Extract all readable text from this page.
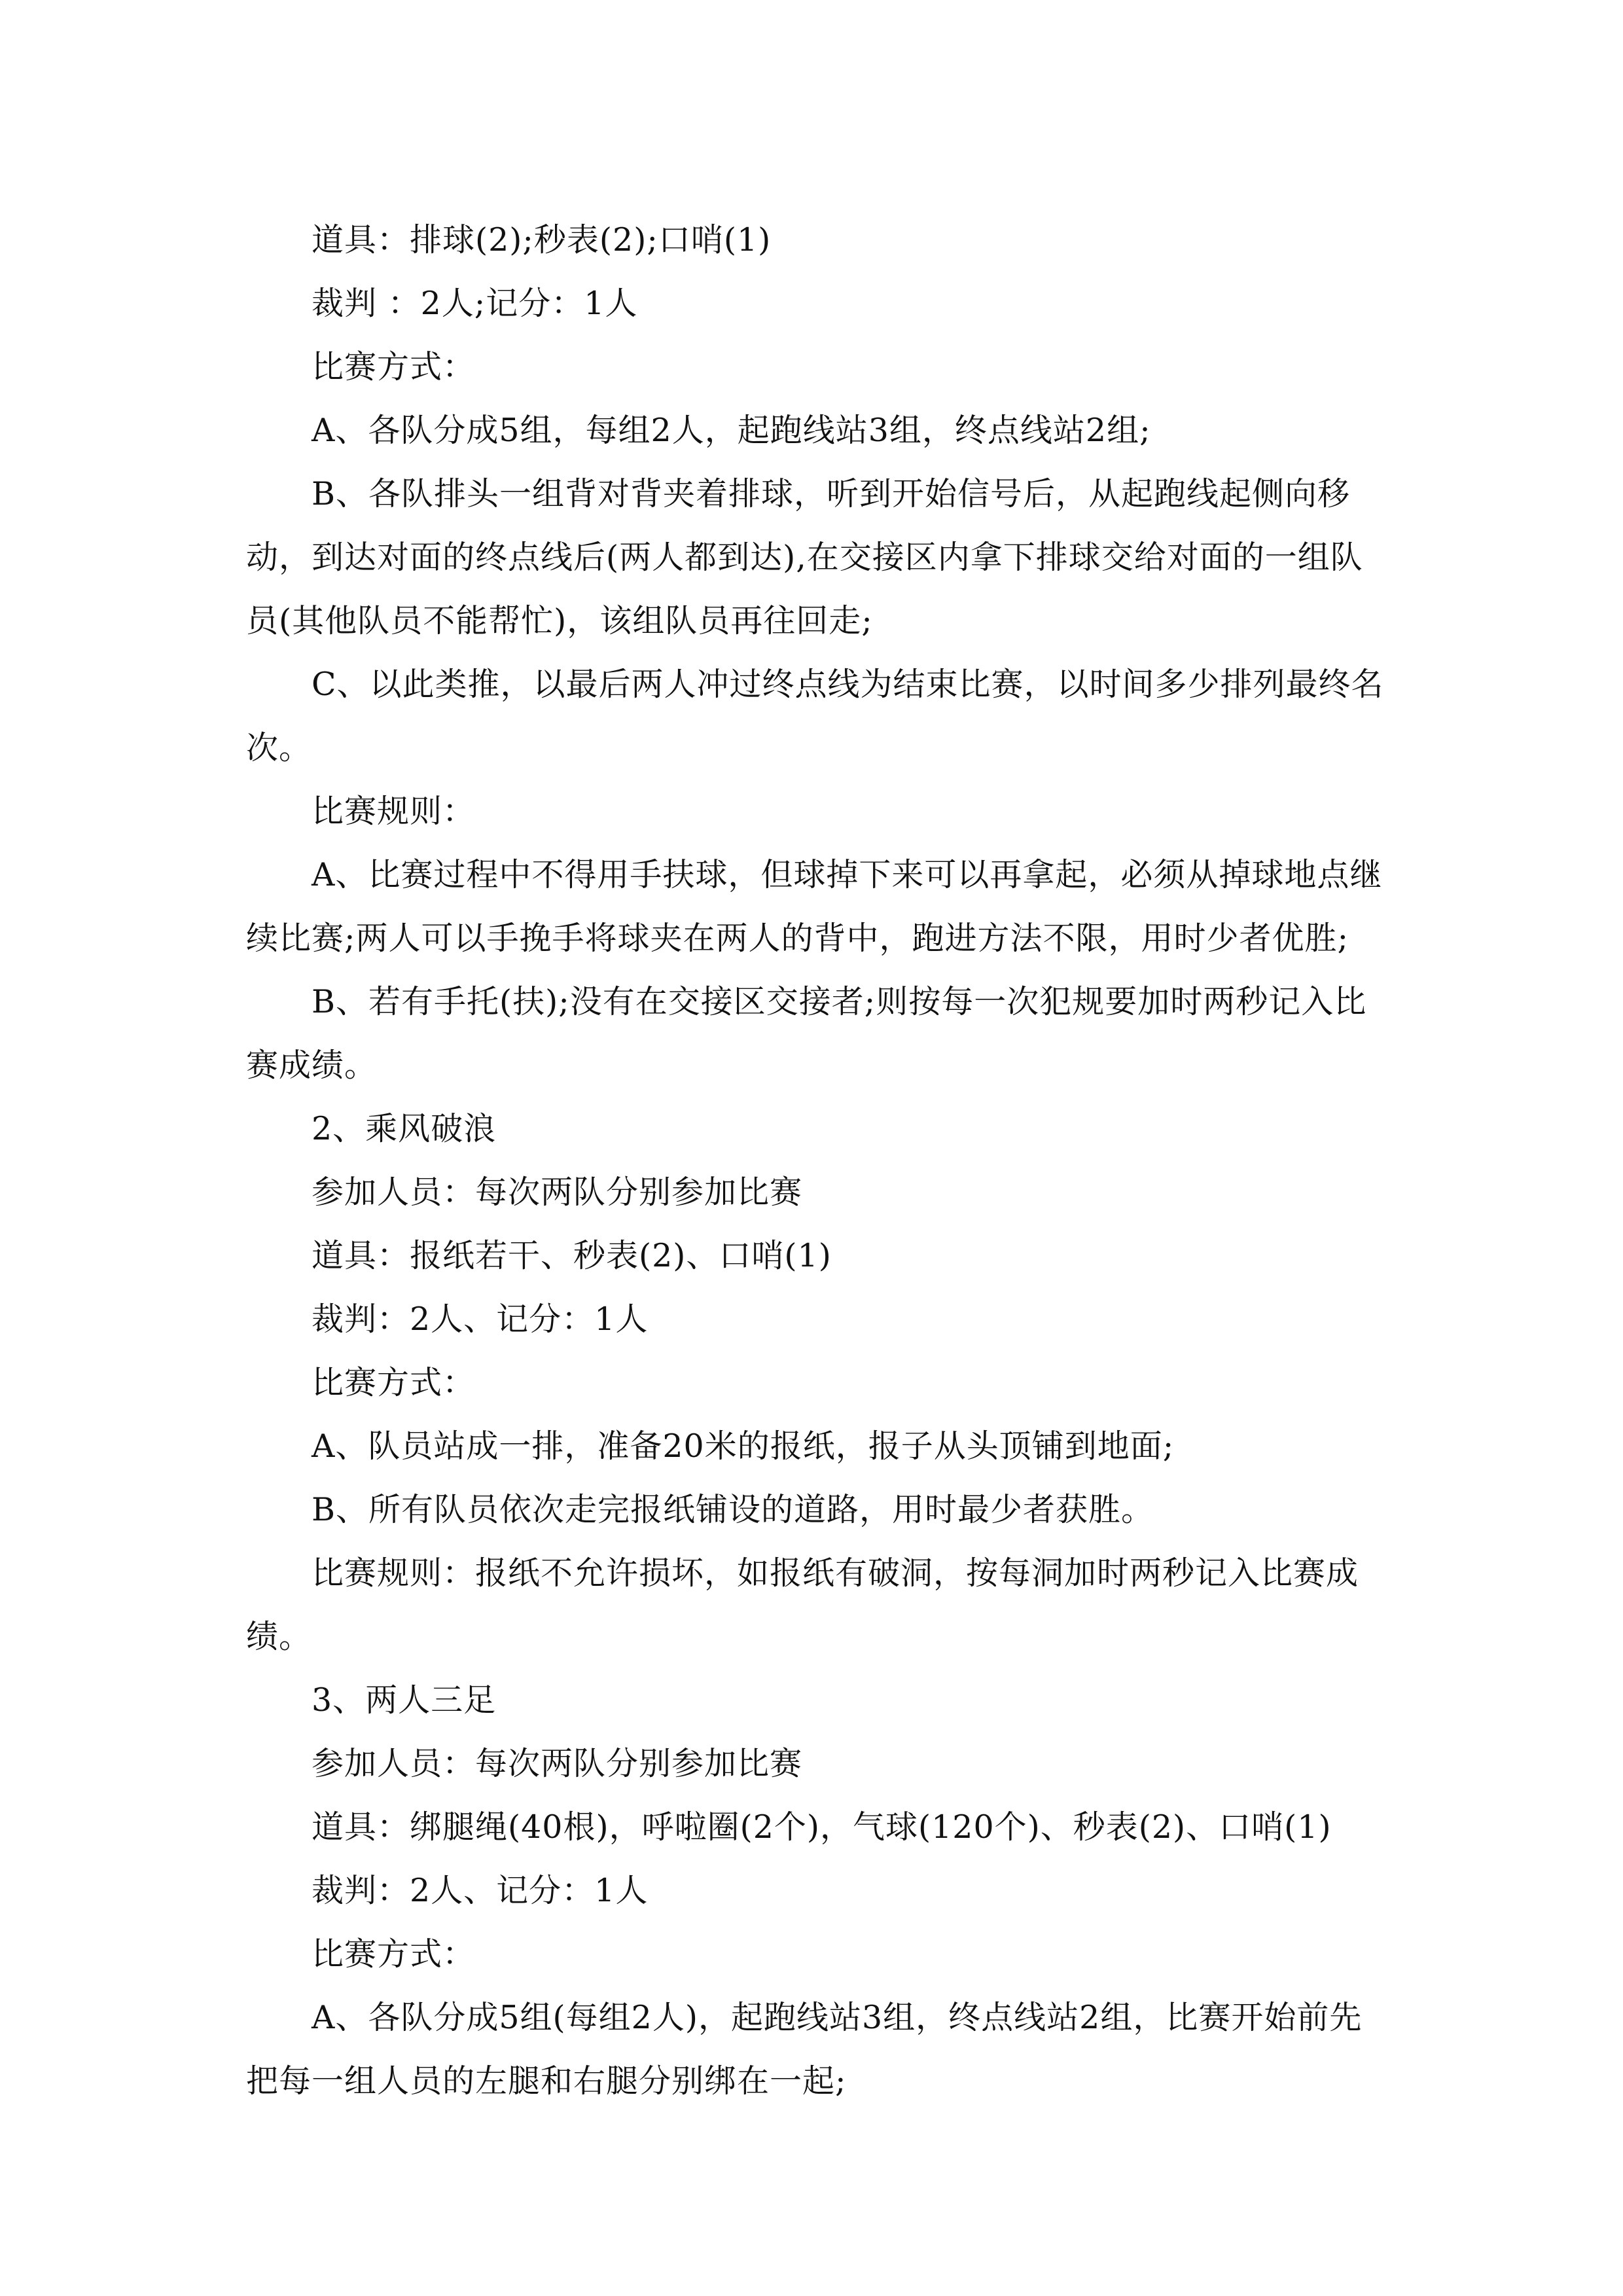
道具：排球(2);秒表(2);口哨(1)

裁判 ：2人;记分：1人

比赛方式：

A、各队分成5组，每组2人，起跑线站3组，终点线站2组;

B、各队排头一组背对背夹着排球，听到开始信号后，从起跑线起侧向移动，到达对面的终点线后(两人都到达),在交接区内拿下排球交给对面的一组队员(其他队员不能帮忙)，该组队员再往回走;

C、以此类推，以最后两人冲过终点线为结束比赛，以时间多少排列最终名次。

比赛规则：

A、比赛过程中不得用手扶球，但球掉下来可以再拿起，必须从掉球地点继续比赛;两人可以手挽手将球夹在两人的背中，跑进方法不限，用时少者优胜;

B、若有手托(扶);没有在交接区交接者;则按每一次犯规要加时两秒记入比赛成绩。

2、乘风破浪

参加人员：每次两队分别参加比赛

道具：报纸若干、秒表(2)、口哨(1)

裁判：2人、记分：1人

比赛方式：

A、队员站成一排，准备20米的报纸，报子从头顶铺到地面;

B、所有队员依次走完报纸铺设的道路，用时最少者获胜。

比赛规则：报纸不允许损坏，如报纸有破洞，按每洞加时两秒记入比赛成绩。

3、两人三足

参加人员：每次两队分别参加比赛

道具：绑腿绳(40根)，呼啦圈(2个)，气球(120个)、秒表(2)、口哨(1)

裁判：2人、记分：1人

比赛方式：

A、各队分成5组(每组2人)，起跑线站3组，终点线站2组，比赛开始前先把每一组人员的左腿和右腿分别绑在一起;
